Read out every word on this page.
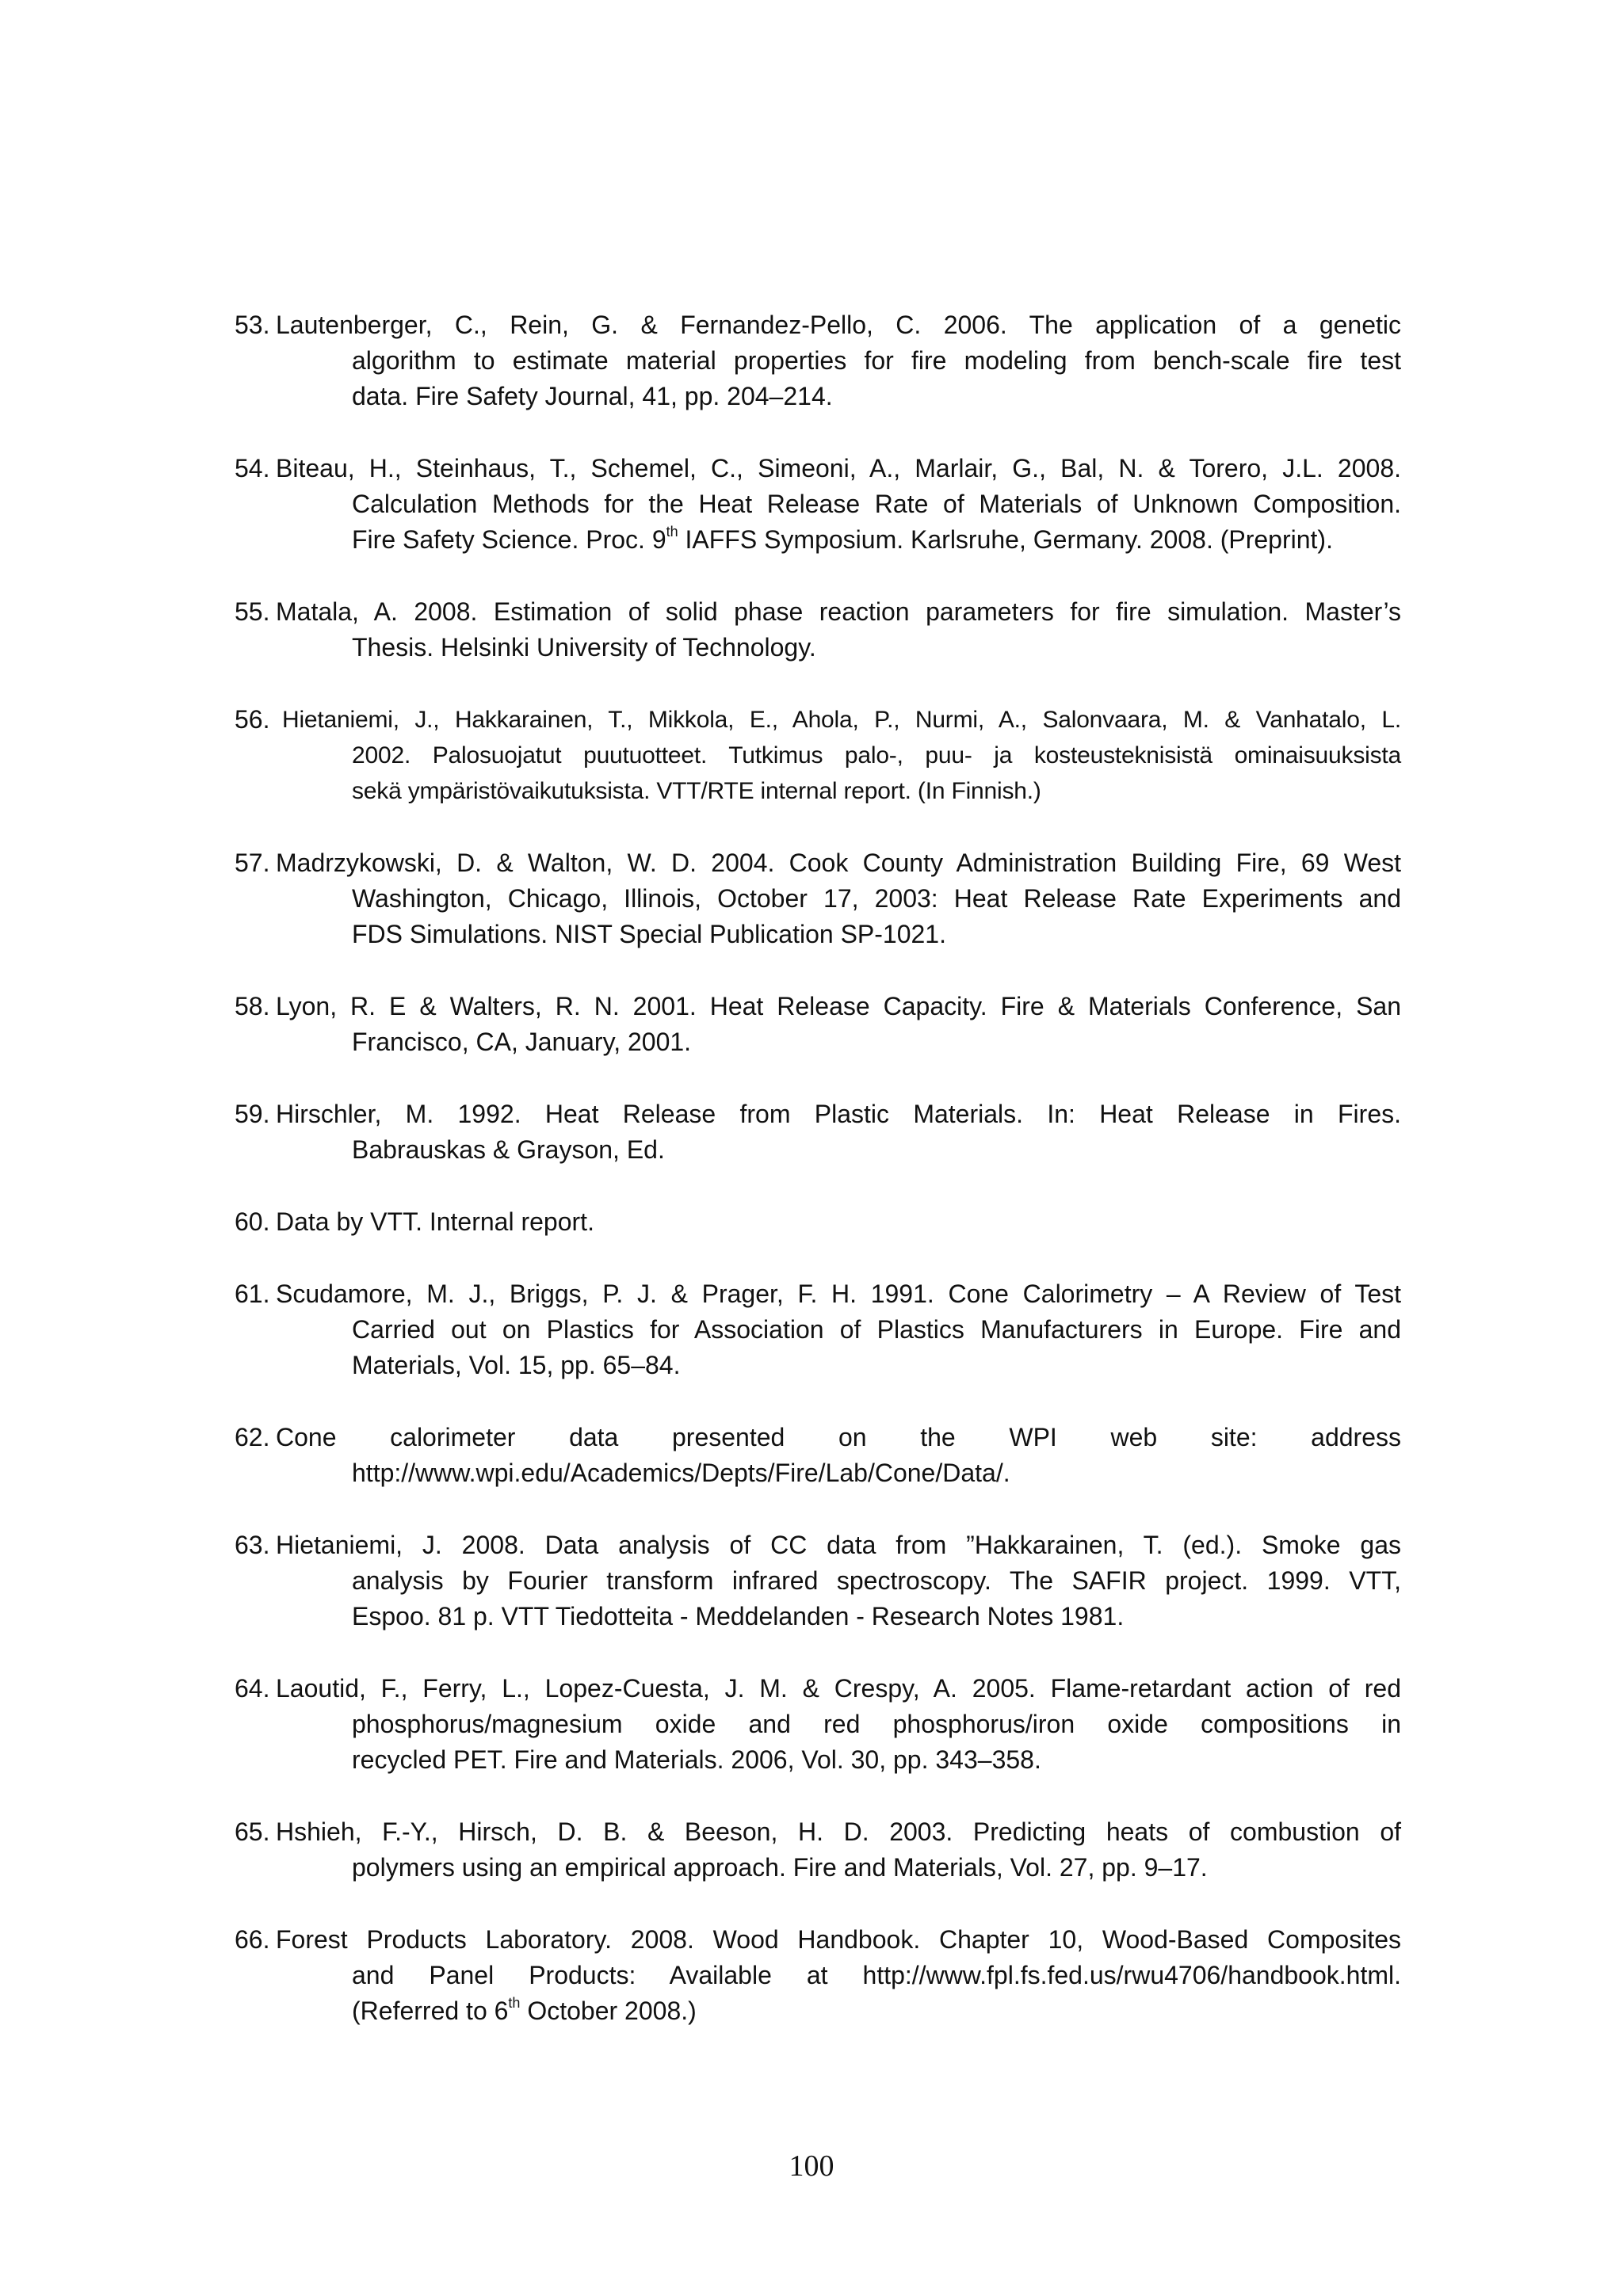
53. Lautenberger, C., Rein, G. & Fernandez-Pello, C. 2006. The application of a genetic
algorithm to estimate material properties for fire modeling from bench-scale fire test
data. Fire Safety Journal, 41, pp. 204–214.
54. Biteau, H., Steinhaus, T., Schemel, C., Simeoni, A., Marlair, G., Bal, N. & Torero, J.L. 2008.
Calculation Methods for the Heat Release Rate of Materials of Unknown Composition.
Fire Safety Science. Proc. 9th IAFFS Symposium. Karlsruhe, Germany. 2008. (Preprint).
55. Matala, A. 2008. Estimation of solid phase reaction parameters for fire simulation. Master’s
Thesis. Helsinki University of Technology.
56. Hietaniemi, J., Hakkarainen, T., Mikkola, E., Ahola, P., Nurmi, A., Salonvaara, M. & Vanhatalo, L.
2002. Palosuojatut puutuotteet. Tutkimus palo-, puu- ja kosteusteknisistä ominaisuuksista
sekä ympäristövaikutuksista. VTT/RTE internal report. (In Finnish.)
57. Madrzykowski, D. & Walton, W. D. 2004. Cook County Administration Building Fire, 69 West
Washington, Chicago, Illinois, October 17, 2003: Heat Release Rate Experiments and
FDS Simulations. NIST Special Publication SP-1021.
58. Lyon, R. E & Walters, R. N. 2001. Heat Release Capacity. Fire & Materials Conference, San
Francisco, CA, January, 2001.
59. Hirschler, M. 1992. Heat Release from Plastic Materials. In: Heat Release in Fires.
Babrauskas & Grayson, Ed.
60. Data by VTT. Internal report.
61. Scudamore, M. J., Briggs, P. J. & Prager, F. H. 1991. Cone Calorimetry – A Review of Test
Carried out on Plastics for Association of Plastics Manufacturers in Europe. Fire and
Materials, Vol. 15, pp. 65–84.
62. Cone calorimeter data presented on the WPI web site: address
http://www.wpi.edu/Academics/Depts/Fire/Lab/Cone/Data/.
63. Hietaniemi, J. 2008. Data analysis of CC data from ”Hakkarainen, T. (ed.). Smoke gas
analysis by Fourier transform infrared spectroscopy. The SAFIR project. 1999. VTT,
Espoo. 81 p. VTT Tiedotteita - Meddelanden - Research Notes 1981.
64. Laoutid, F., Ferry, L., Lopez-Cuesta, J. M. & Crespy, A. 2005. Flame-retardant action of red
phosphorus/magnesium oxide and red phosphorus/iron oxide compositions in
recycled PET. Fire and Materials. 2006, Vol. 30, pp. 343–358.
65. Hshieh, F.-Y., Hirsch, D. B. & Beeson, H. D. 2003. Predicting heats of combustion of
polymers using an empirical approach. Fire and Materials, Vol. 27, pp. 9–17.
66. Forest Products Laboratory. 2008. Wood Handbook. Chapter 10, Wood-Based Composites
and Panel Products: Available at http://www.fpl.fs.fed.us/rwu4706/handbook.html.
(Referred to 6th October 2008.)
100
